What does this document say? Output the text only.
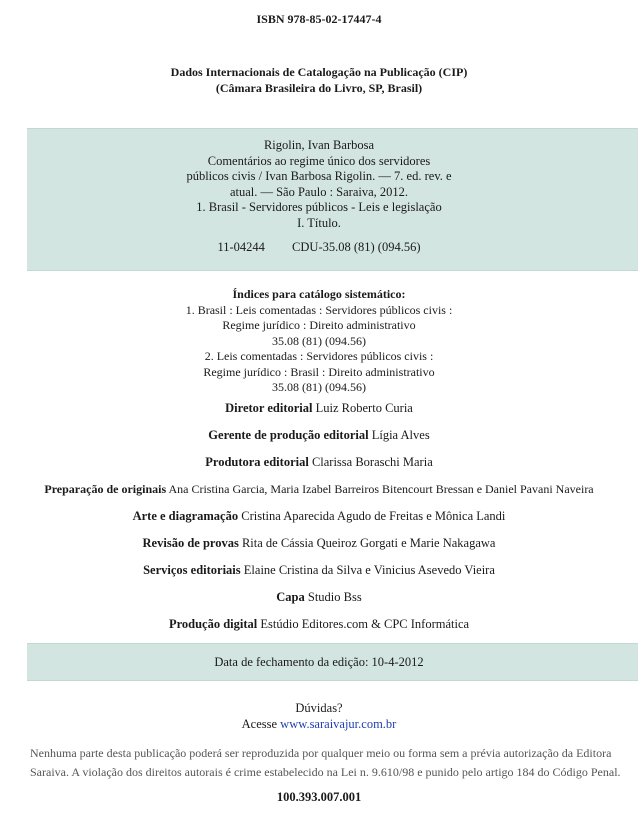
ISBN 978-85-02-17447-4
Dados Internacionais de Catalogação na Publicação (CIP)
(Câmara Brasileira do Livro, SP, Brasil)
Rigolin, Ivan Barbosa
Comentários ao regime único dos servidores
públicos civis / Ivan Barbosa Rigolin. — 7. ed. rev. e
atual. — São Paulo : Saraiva, 2012.
1. Brasil - Servidores públicos - Leis e legislação
I. Título.
11-04244 CDU-35.08 (81) (094.56)
Índices para catálogo sistemático:
1. Brasil : Leis comentadas : Servidores públicos civis :
Regime jurídico : Direito administrativo
35.08 (81) (094.56)
2. Leis comentadas : Servidores públicos civis :
Regime jurídico : Brasil : Direito administrativo
35.08 (81) (094.56)
Diretor editorial Luiz Roberto Curia
Gerente de produção editorial Lígia Alves
Produtora editorial Clarissa Boraschi Maria
Preparação de originais Ana Cristina Garcia, Maria Izabel Barreiros Bitencourt Bressan e Daniel Pavani Naveira
Arte e diagramação Cristina Aparecida Agudo de Freitas e Mônica Landi
Revisão de provas Rita de Cássia Queiroz Gorgati e Marie Nakagawa
Serviços editoriais Elaine Cristina da Silva e Vinicius Asevedo Vieira
Capa Studio Bss
Produção digital Estúdio Editores.com & CPC Informática
Data de fechamento da edição: 10-4-2012
Dúvidas?
Acesse www.saraivajur.com.br
Nenhuma parte desta publicação poderá ser reproduzida por qualquer meio ou forma sem a prévia autorização da Editora
Saraiva. A violação dos direitos autorais é crime estabelecido na Lei n. 9.610/98 e punido pelo artigo 184 do Código Penal.
100.393.007.001
